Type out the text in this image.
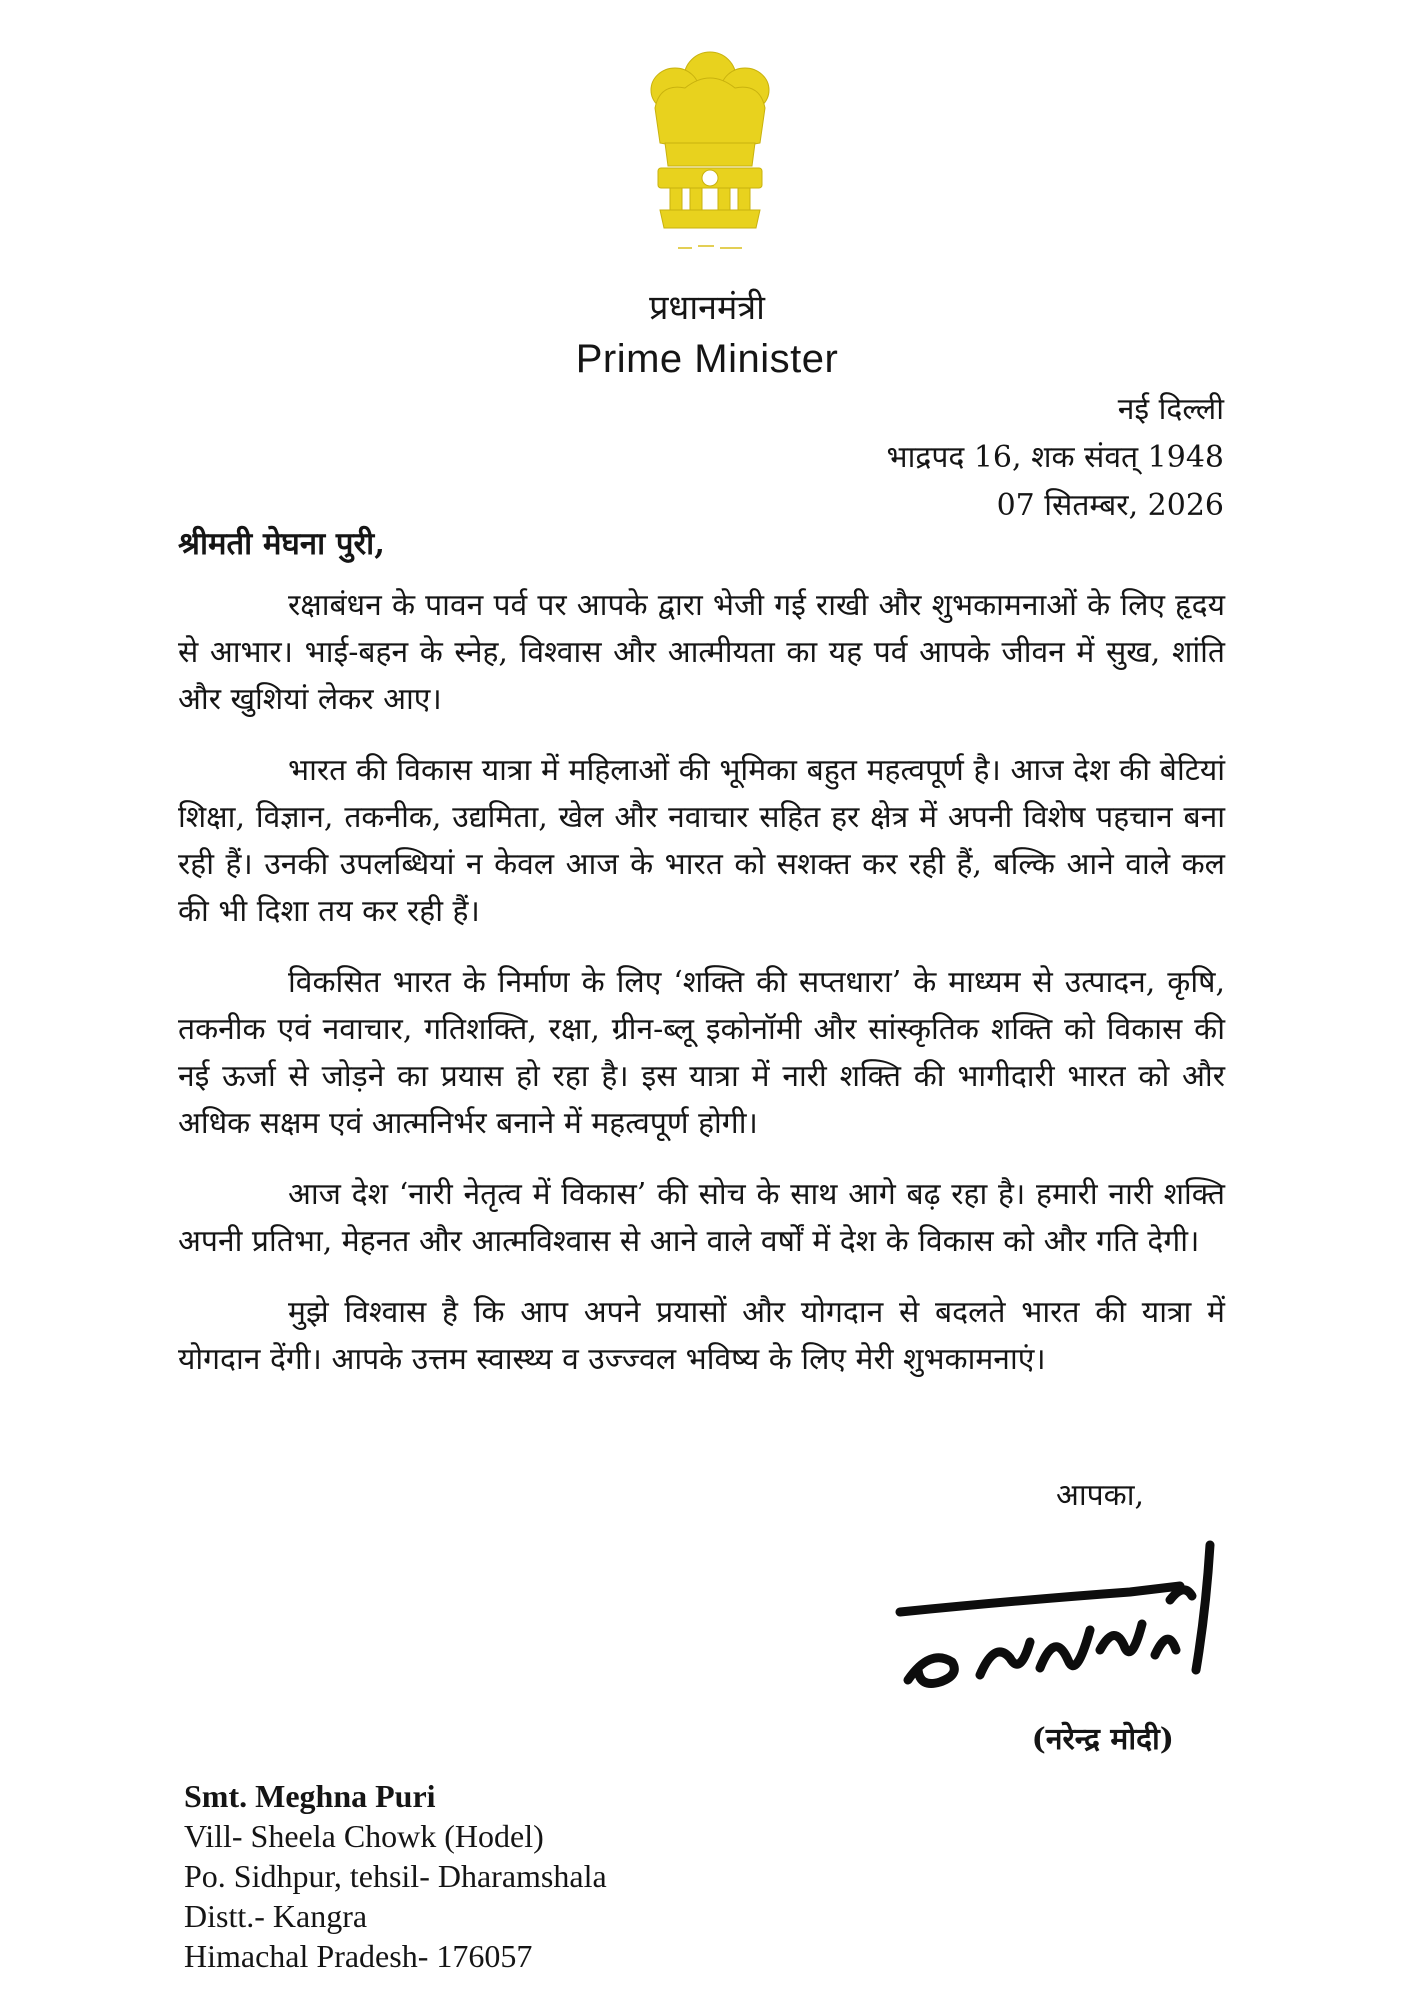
प्रधानमंत्री
Prime Minister
नई दिल्ली
भाद्रपद 16, शक संवत् 1948
07 सितम्बर, 2026
श्रीमती मेघना पुरी,

रक्षाबंधन के पावन पर्व पर आपके द्वारा भेजी गई राखी और शुभकामनाओं के लिए हृदय से आभार। भाई-बहन के स्नेह, विश्वास और आत्मीयता का यह पर्व आपके जीवन में सुख, शांति और खुशियां लेकर आए।

भारत की विकास यात्रा में महिलाओं की भूमिका बहुत महत्वपूर्ण है। आज देश की बेटियां शिक्षा, विज्ञान, तकनीक, उद्यमिता, खेल और नवाचार सहित हर क्षेत्र में अपनी विशेष पहचान बना रही हैं। उनकी उपलब्धियां न केवल आज के भारत को सशक्त कर रही हैं, बल्कि आने वाले कल की भी दिशा तय कर रही हैं।

विकसित भारत के निर्माण के लिए ‘शक्ति की सप्तधारा’ के माध्यम से उत्पादन, कृषि, तकनीक एवं नवाचार, गतिशक्ति, रक्षा, ग्रीन-ब्लू इकोनॉमी और सांस्कृतिक शक्ति को विकास की नई ऊर्जा से जोड़ने का प्रयास हो रहा है। इस यात्रा में नारी शक्ति की भागीदारी भारत को और अधिक सक्षम एवं आत्मनिर्भर बनाने में महत्वपूर्ण होगी।

आज देश ‘नारी नेतृत्व में विकास’ की सोच के साथ आगे बढ़ रहा है। हमारी नारी शक्ति अपनी प्रतिभा, मेहनत और आत्मविश्वास से आने वाले वर्षों में देश के विकास को और गति देगी।

मुझे विश्वास है कि आप अपने प्रयासों और योगदान से बदलते भारत की यात्रा में योगदान देंगी। आपके उत्तम स्वास्थ्य व उज्ज्वल भविष्य के लिए मेरी शुभकामनाएं।

आपका,
(नरेन्द्र मोदी)
Smt. Meghna Puri
Vill- Sheela Chowk (Hodel)
Po. Sidhpur, tehsil- Dharamshala
Distt.- Kangra
Himachal Pradesh- 176057
